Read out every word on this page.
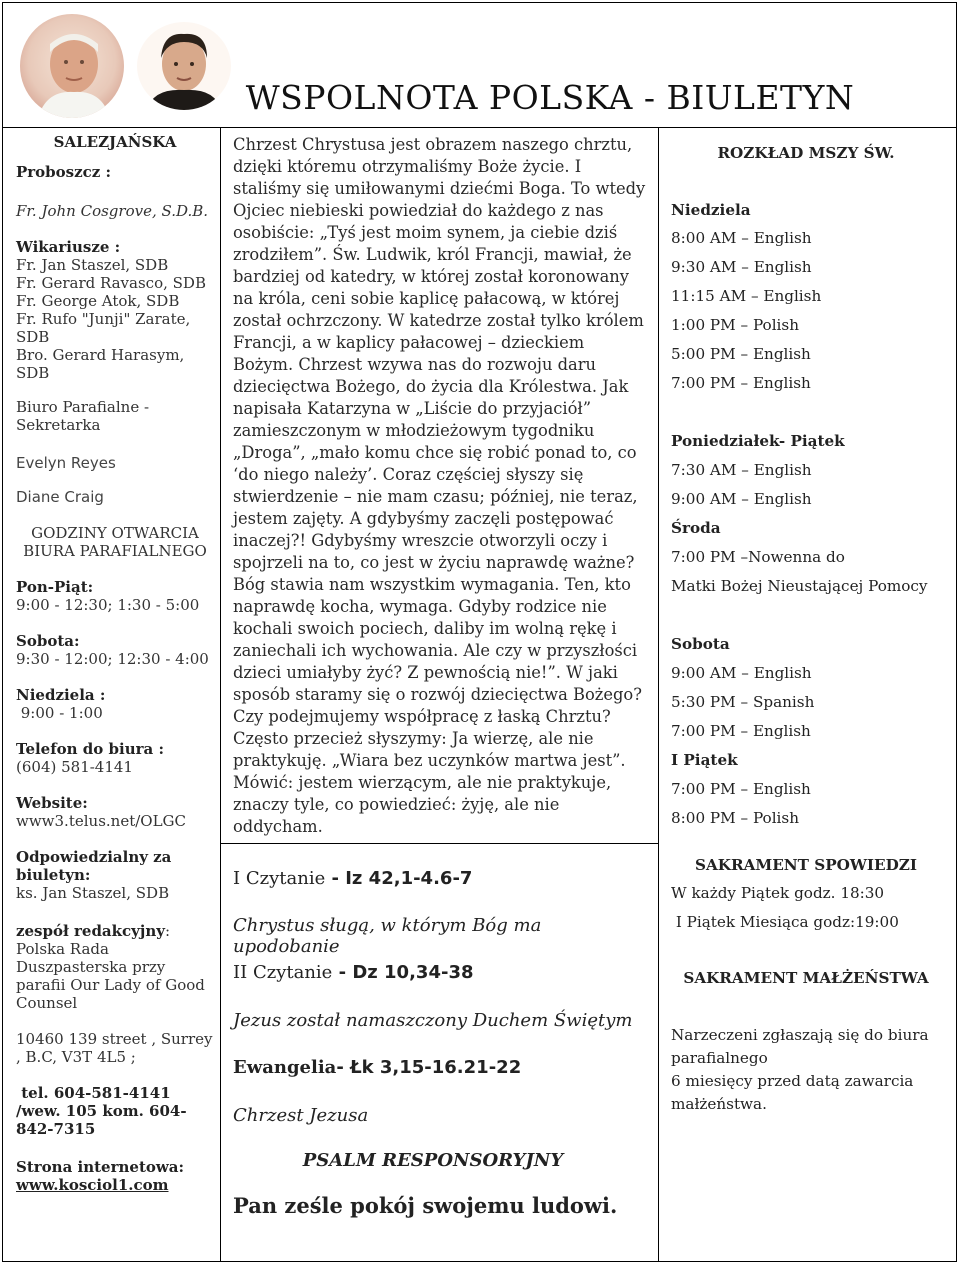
WSPOLNOTA POLSKA - BIULETYN
SALEZJAŃSKA
Proboszcz :
Fr. John Cosgrove, S.D.B.
Wikariusze :
Fr. Jan Staszel, SDB
Fr. Gerard Ravasco, SDB
Fr. George Atok, SDB
Fr. Rufo "Junji" Zarate,
SDB
Bro. Gerard Harasym,
SDB
Biuro Parafialne -
Sekretarka
Evelyn Reyes
Diane Craig
GODZINY OTWARCIA
BIURA PARAFIALNEGO
Pon-Piąt:
9:00 - 12:30; 1:30 - 5:00
Sobota:
9:30 - 12:00; 12:30 - 4:00
Niedziela :
9:00 - 1:00
Telefon do biura :
(604) 581-4141
Website:
www3.telus.net/OLGC
Odpowiedzialny za
biuletyn:
ks. Jan Staszel, SDB
zespół redakcyjny:
Polska Rada
Duszpasterska przy
parafii Our Lady of Good
Counsel
10460 139 street , Surrey
, B.C, V3T 4L5 ;
tel. 604-581-4141
/wew. 105 kom. 604-
842-7315
Strona internetowa:
www.kosciol1.com
Chrzest Chrystusa jest obrazem naszego chrztu, dzięki któremu otrzymaliśmy Boże życie. I staliśmy się umiłowanymi dziećmi Boga. To wtedy Ojciec niebieski powiedział do każdego z nas osobiście: „Tyś jest moim synem, ja ciebie dziś zrodziłem”. Św. Ludwik, król Francji, mawiał, że bardziej od katedry, w której został koronowany na króla, ceni sobie kaplicę pałacową, w której został ochrzczony. W katedrze został tylko królem Francji, a w kaplicy pałacowej – dzieckiem Bożym. Chrzest wzywa nas do rozwoju daru dziecięctwa Bożego, do życia dla Królestwa. Jak napisała Katarzyna w „Liście do przyjaciół” zamieszczonym w młodzieżowym tygodniku „Droga”, „mało komu chce się robić ponad to, co ‘do niego należy’. Coraz częściej słyszy się stwierdzenie – nie mam czasu; później, nie teraz, jestem zajęty. A gdybyśmy zaczęli postępować inaczej?! Gdybyśmy wreszcie otworzyli oczy i spojrzeli na to, co jest w życiu naprawdę ważne? Bóg stawia nam wszystkim wymagania. Ten, kto naprawdę kocha, wymaga. Gdyby rodzice nie kochali swoich pociech, daliby im wolną rękę i zaniechali ich wychowania. Ale czy w przyszłości dzieci umiałyby żyć? Z pewnością nie!”. W jaki sposób staramy się o rozwój dziecięctwa Bożego? Czy podejmujemy współpracę z łaską Chrztu? Często przecież słyszymy: Ja wierzę, ale nie praktykuję. „Wiara bez uczynków martwa jest”. Mówić: jestem wierzącym, ale nie praktykuje, znaczy tyle, co powiedzieć: żyję, ale nie oddycham.
I Czytanie - Iz 42,1-4.6-7
Chrystus sługą, w którym Bóg ma upodobanie
II Czytanie - Dz 10,34-38
Jezus został namaszczony Duchem Świętym
Ewangelia- Łk 3,15-16.21-22
Chrzest Jezusa
PSALM RESPONSORYJNY
Pan ześle pokój swojemu ludowi.
ROZKŁAD MSZY ŚW.
Niedziela
8:00 AM – English
9:30 AM – English
11:15 AM – English
1:00 PM – Polish
5:00 PM – English
7:00 PM – English
Poniedziałek- Piątek
7:30 AM – English
9:00 AM – English
Środa
7:00 PM –Nowenna do
Matki Bożej Nieustającej Pomocy
Sobota
9:00 AM – English
5:30 PM – Spanish
7:00 PM – English
I Piątek
7:00 PM – English
8:00 PM – Polish
SAKRAMENT SPOWIEDZI
W każdy Piątek godz. 18:30
I Piątek Miesiąca godz:19:00
SAKRAMENT MAŁŻEŃSTWA
Narzeczeni zgłaszają się do biura
parafialnego
6 miesięcy przed datą zawarcia
małżeństwa.
